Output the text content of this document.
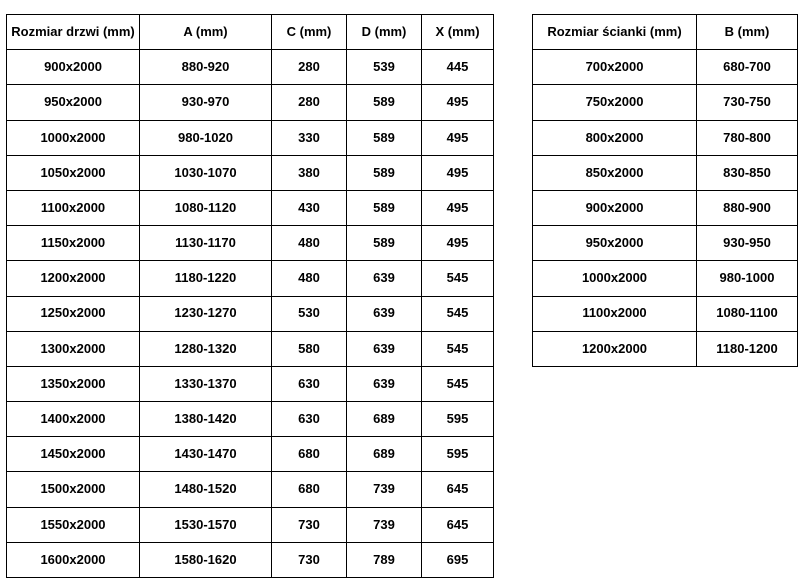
Rozmiar drzwi (mm)	A (mm)	C (mm)	D (mm)	X (mm)
900x2000	880-920	280	539	445
950x2000	930-970	280	589	495
1000x2000	980-1020	330	589	495
1050x2000	1030-1070	380	589	495
1100x2000	1080-1120	430	589	495
1150x2000	1130-1170	480	589	495
1200x2000	1180-1220	480	639	545
1250x2000	1230-1270	530	639	545
1300x2000	1280-1320	580	639	545
1350x2000	1330-1370	630	639	545
1400x2000	1380-1420	630	689	595
1450x2000	1430-1470	680	689	595
1500x2000	1480-1520	680	739	645
1550x2000	1530-1570	730	739	645
1600x2000	1580-1620	730	789	695
Rozmiar ścianki (mm)	B (mm)
700x2000	680-700
750x2000	730-750
800x2000	780-800
850x2000	830-850
900x2000	880-900
950x2000	930-950
1000x2000	980-1000
1100x2000	1080-1100
1200x2000	1180-1200
